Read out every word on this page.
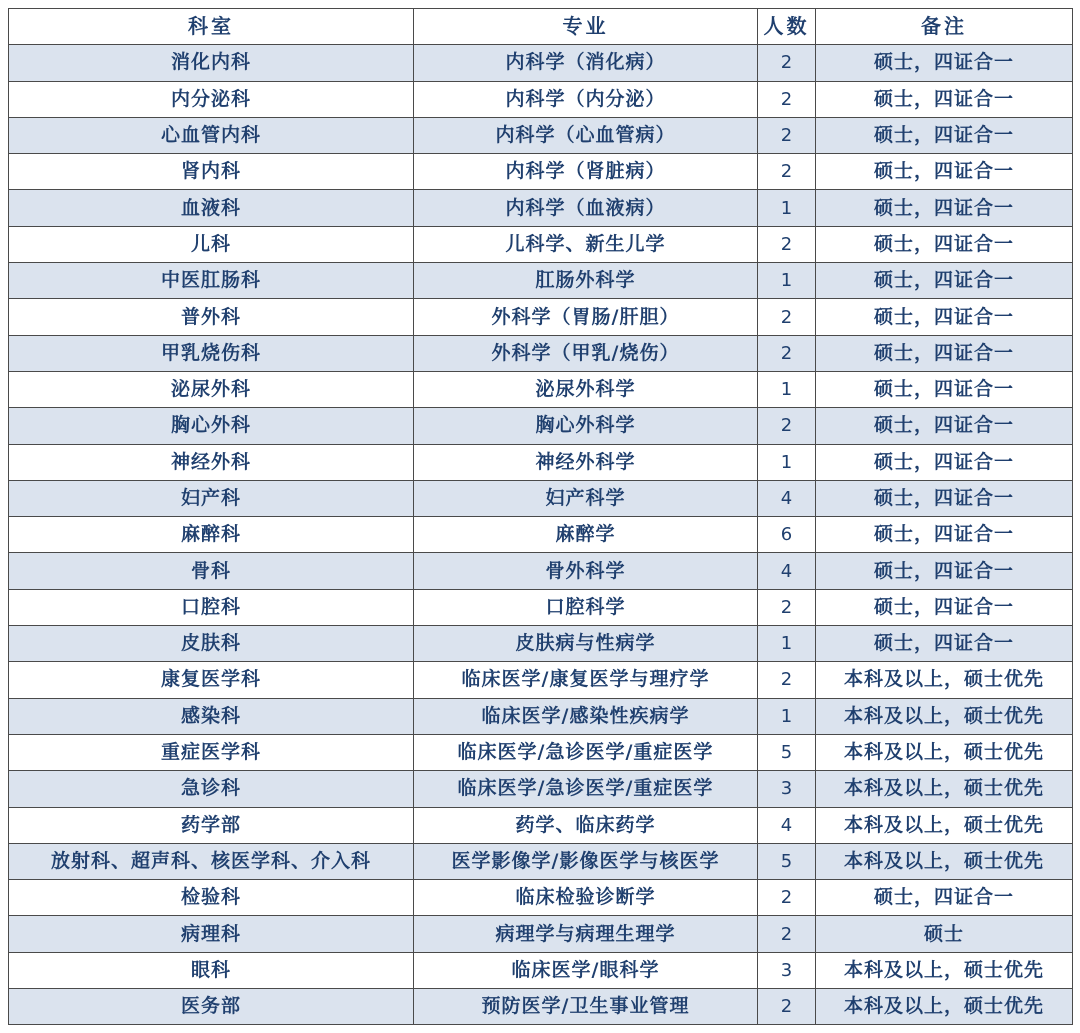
科室	专业	人数	备注
消化内科	内科学（消化病）	2	硕士，四证合一
内分泌科	内科学（内分泌）	2	硕士，四证合一
心血管内科	内科学（心血管病）	2	硕士，四证合一
肾内科	内科学（肾脏病）	2	硕士，四证合一
血液科	内科学（血液病）	1	硕士，四证合一
儿科	儿科学、新生儿学	2	硕士，四证合一
中医肛肠科	肛肠外科学	1	硕士，四证合一
普外科	外科学（胃肠/肝胆）	2	硕士，四证合一
甲乳烧伤科	外科学（甲乳/烧伤）	2	硕士，四证合一
泌尿外科	泌尿外科学	1	硕士，四证合一
胸心外科	胸心外科学	2	硕士，四证合一
神经外科	神经外科学	1	硕士，四证合一
妇产科	妇产科学	4	硕士，四证合一
麻醉科	麻醉学	6	硕士，四证合一
骨科	骨外科学	4	硕士，四证合一
口腔科	口腔科学	2	硕士，四证合一
皮肤科	皮肤病与性病学	1	硕士，四证合一
康复医学科	临床医学/康复医学与理疗学	2	本科及以上，硕士优先
感染科	临床医学/感染性疾病学	1	本科及以上，硕士优先
重症医学科	临床医学/急诊医学/重症医学	5	本科及以上，硕士优先
急诊科	临床医学/急诊医学/重症医学	3	本科及以上，硕士优先
药学部	药学、临床药学	4	本科及以上，硕士优先
放射科、超声科、核医学科、介入科	医学影像学/影像医学与核医学	5	本科及以上，硕士优先
检验科	临床检验诊断学	2	硕士，四证合一
病理科	病理学与病理生理学	2	硕士
眼科	临床医学/眼科学	3	本科及以上，硕士优先
医务部	预防医学/卫生事业管理	2	本科及以上，硕士优先
